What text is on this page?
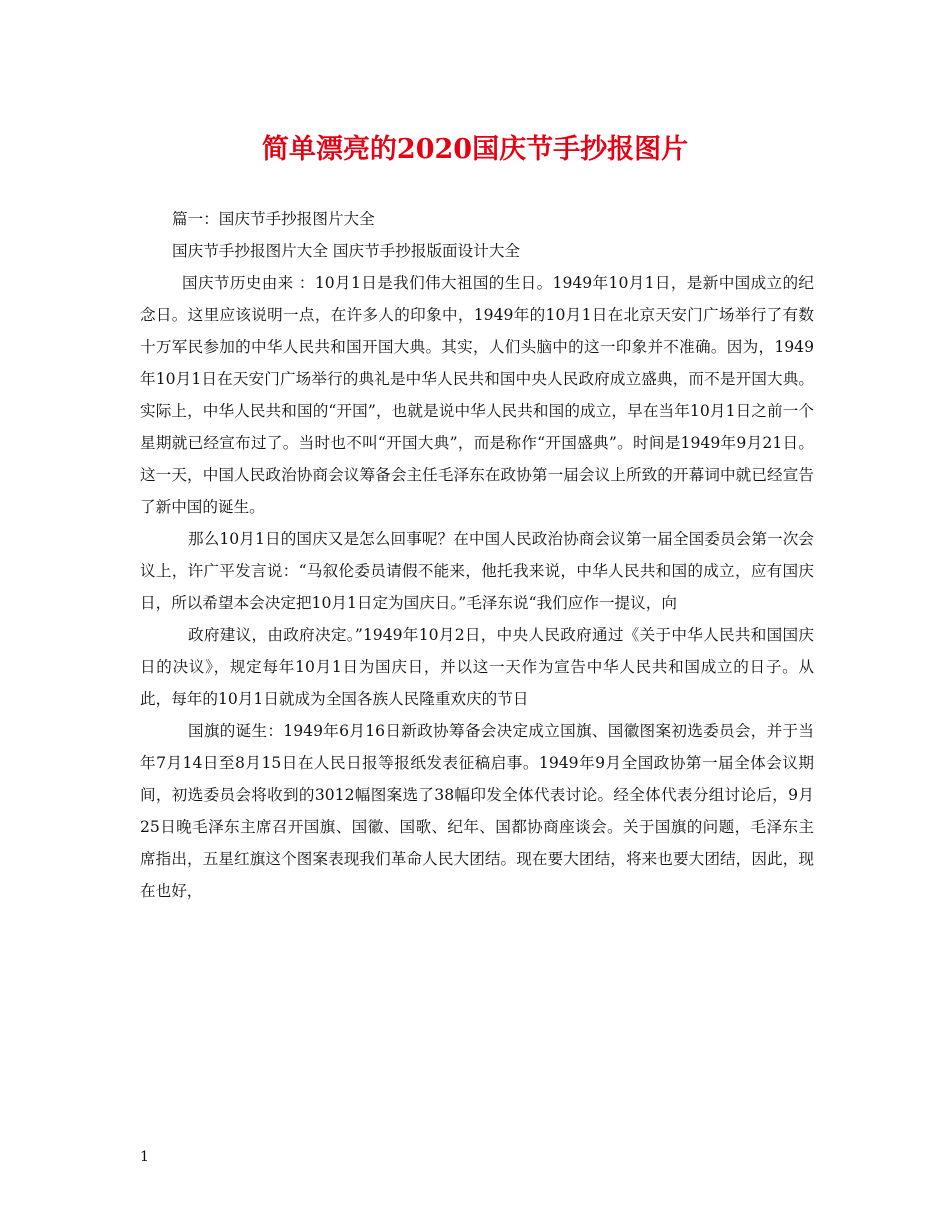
简单漂亮的2020国庆节手抄报图片

篇一：国庆节手抄报图片大全

国庆节手抄报图片大全 国庆节手抄报版面设计大全

国庆节历史由来 ：10月1日是我们伟大祖国的生日。1949年10月1日，是新中国成立的纪念日。这里应该说明一点，在许多人的印象中，1949年的10月1日在北京天安门广场举行了有数十万军民参加的中华人民共和国开国大典。其实，人们头脑中的这一印象并不准确。因为，1949年10月1日在天安门广场举行的典礼是中华人民共和国中央人民政府成立盛典，而不是开国大典。实际上，中华人民共和国的“开国”，也就是说中华人民共和国的成立，早在当年10月1日之前一个星期就已经宣布过了。当时也不叫“开国大典”，而是称作“开国盛典”。时间是1949年9月21日。这一天，中国人民政治协商会议筹备会主任毛泽东在政协第一届会议上所致的开幕词中就已经宣告了新中国的诞生。

那么10月1日的国庆又是怎么回事呢？在中国人民政治协商会议第一届全国委员会第一次会议上，许广平发言说：“马叙伦委员请假不能来，他托我来说，中华人民共和国的成立，应有国庆日，所以希望本会决定把10月1日定为国庆日。”毛泽东说“我们应作一提议，向

政府建议，由政府决定。”1949年10月2日，中央人民政府通过《关于中华人民共和国国庆日的决议》，规定每年10月1日为国庆日，并以这一天作为宣告中华人民共和国成立的日子。从此，每年的10月1日就成为全国各族人民隆重欢庆的节日

国旗的诞生：1949年6月16日新政协筹备会决定成立国旗、国徽图案初选委员会，并于当年7月14日至8月15日在人民日报等报纸发表征稿启事。1949年9月全国政协第一届全体会议期间，初选委员会将收到的3012幅图案选了38幅印发全体代表讨论。经全体代表分组讨论后，9月25日晚毛泽东主席召开国旗、国徽、国歌、纪年、国都协商座谈会。关于国旗的问题，毛泽东主席指出，五星红旗这个图案表现我们革命人民大团结。现在要大团结，将来也要大团结，因此，现在也好，

1
